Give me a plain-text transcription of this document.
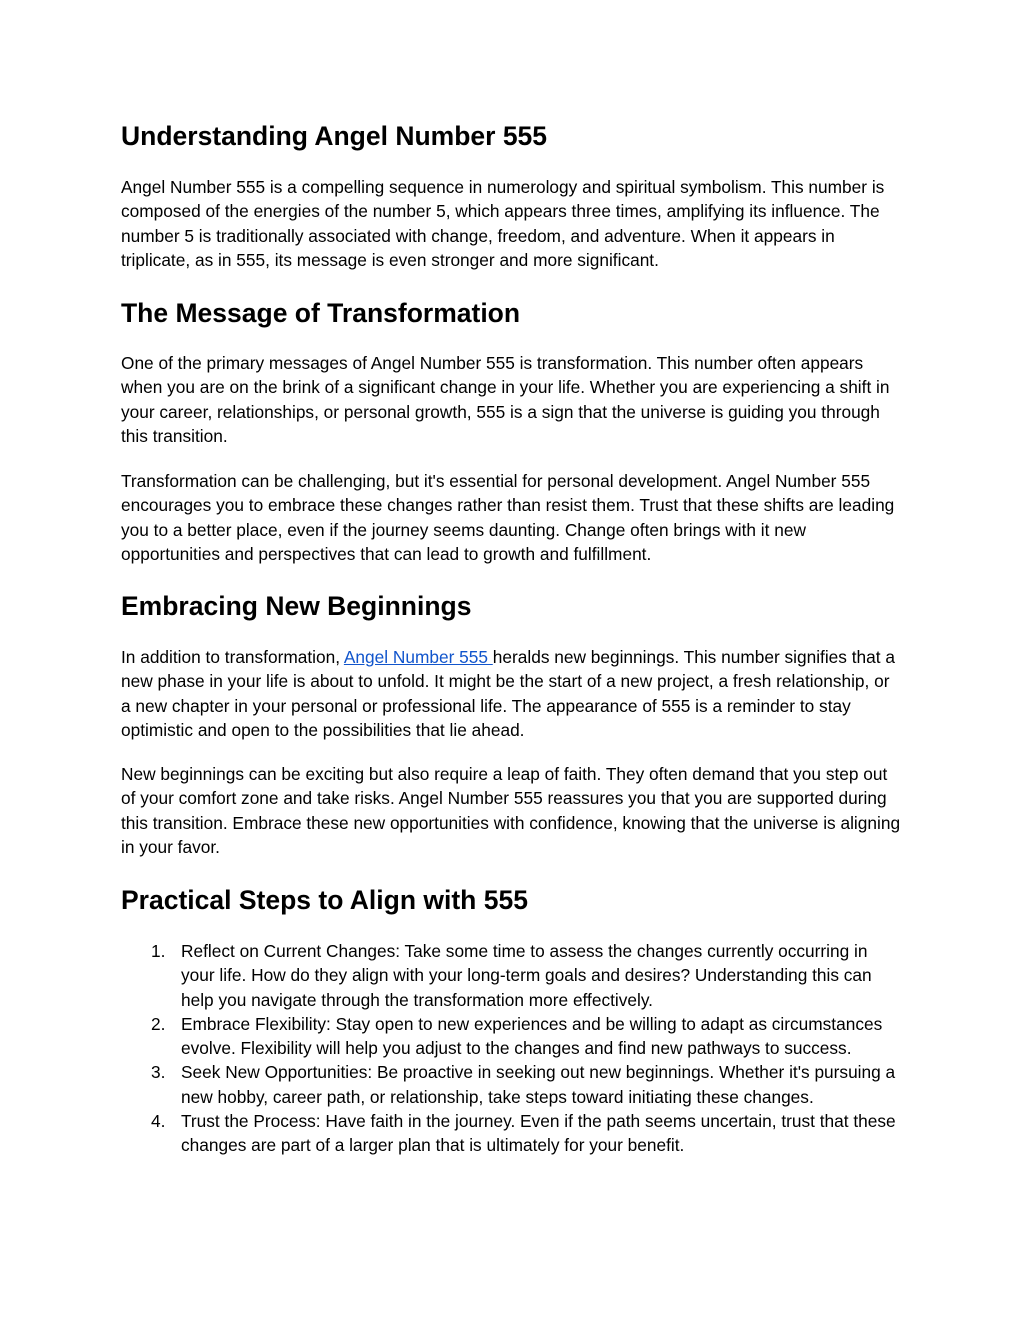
Understanding Angel Number 555

Angel Number 555 is a compelling sequence in numerology and spiritual symbolism. This number is composed of the energies of the number 5, which appears three times, amplifying its influence. The number 5 is traditionally associated with change, freedom, and adventure. When it appears in triplicate, as in 555, its message is even stronger and more significant.

The Message of Transformation

One of the primary messages of Angel Number 555 is transformation. This number often appears when you are on the brink of a significant change in your life. Whether you are experiencing a shift in your career, relationships, or personal growth, 555 is a sign that the universe is guiding you through this transition.

Transformation can be challenging, but it's essential for personal development. Angel Number 555 encourages you to embrace these changes rather than resist them. Trust that these shifts are leading you to a better place, even if the journey seems daunting. Change often brings with it new opportunities and perspectives that can lead to growth and fulfillment.

Embracing New Beginnings

In addition to transformation, Angel Number 555 heralds new beginnings. This number signifies that a new phase in your life is about to unfold. It might be the start of a new project, a fresh relationship, or a new chapter in your personal or professional life. The appearance of 555 is a reminder to stay optimistic and open to the possibilities that lie ahead.

New beginnings can be exciting but also require a leap of faith. They often demand that you step out of your comfort zone and take risks. Angel Number 555 reassures you that you are supported during this transition. Embrace these new opportunities with confidence, knowing that the universe is aligning in your favor.

Practical Steps to Align with 555
1. Reflect on Current Changes: Take some time to assess the changes currently occurring in your life. How do they align with your long-term goals and desires? Understanding this can help you navigate through the transformation more effectively.
2. Embrace Flexibility: Stay open to new experiences and be willing to adapt as circumstances evolve. Flexibility will help you adjust to the changes and find new pathways to success.
3. Seek New Opportunities: Be proactive in seeking out new beginnings. Whether it's pursuing a new hobby, career path, or relationship, take steps toward initiating these changes.
4. Trust the Process: Have faith in the journey. Even if the path seems uncertain, trust that these changes are part of a larger plan that is ultimately for your benefit.
